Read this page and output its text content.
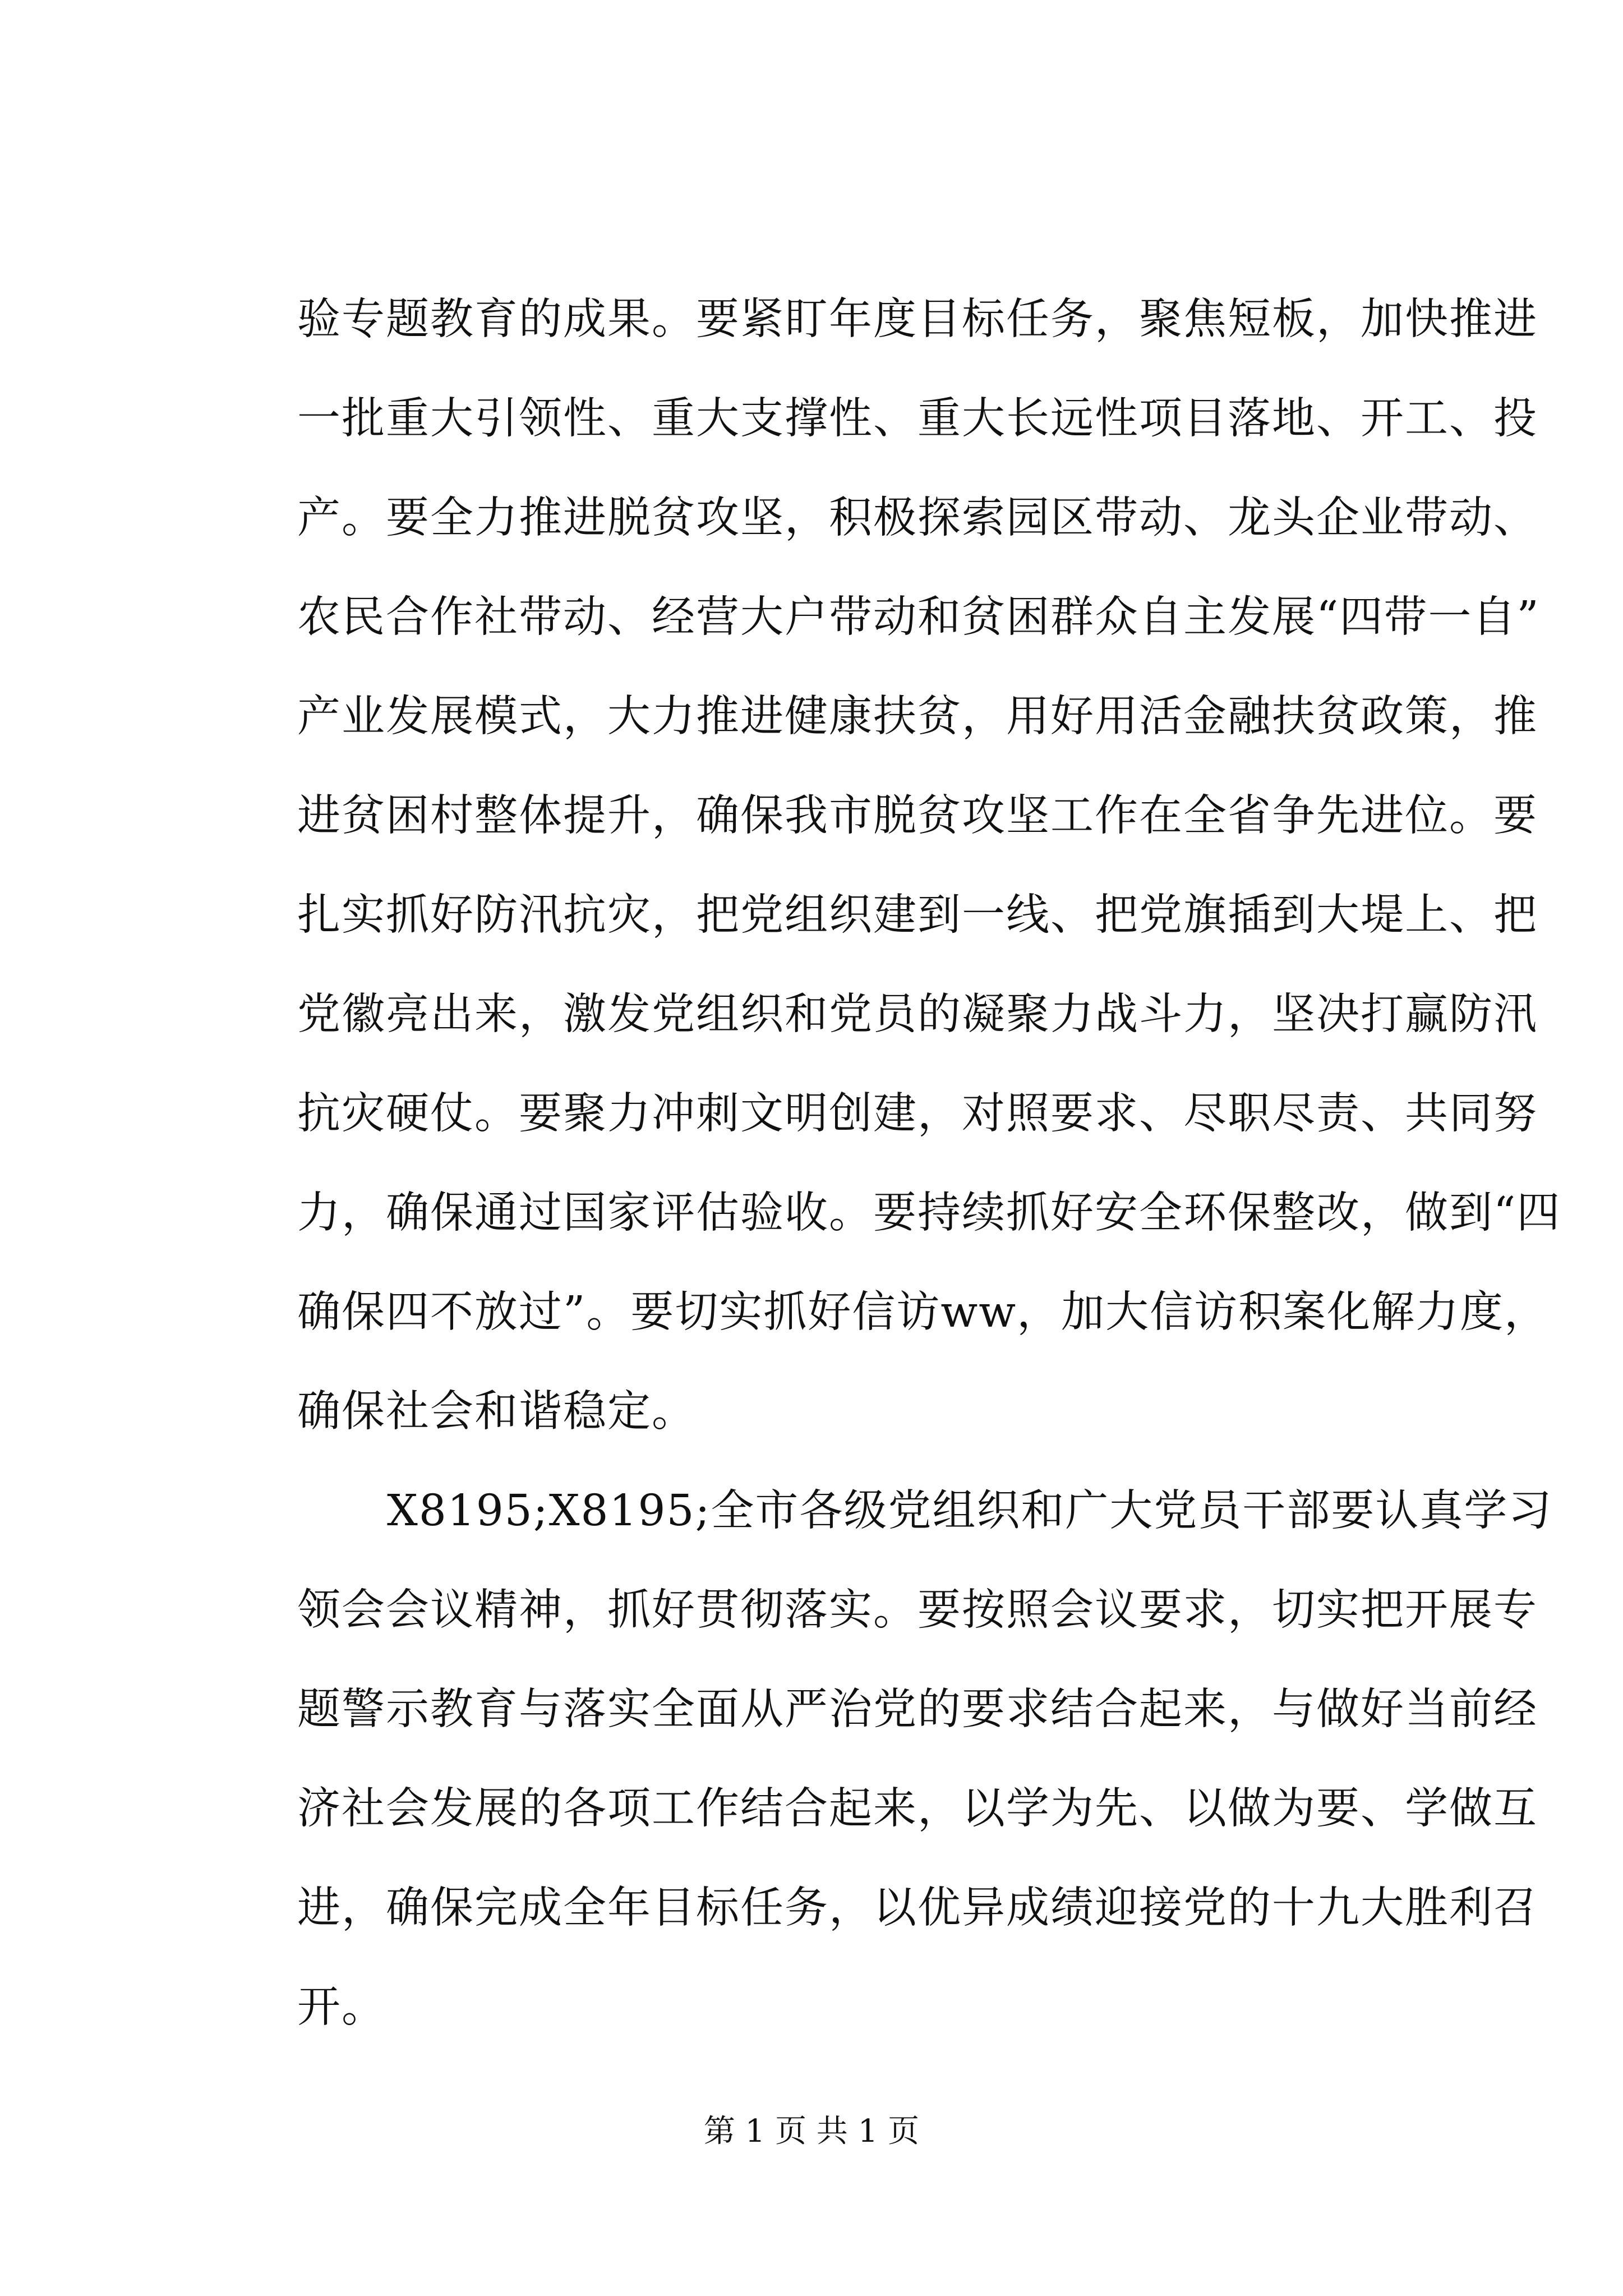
验专题教育的成果。要紧盯年度目标任务，聚焦短板，加快推进
一批重大引领性、重大支撑性、重大长远性项目落地、开工、投
产。要全力推进脱贫攻坚，积极探索园区带动、龙头企业带动、
农民合作社带动、经营大户带动和贫困群众自主发展“四带一自”
产业发展模式，大力推进健康扶贫，用好用活金融扶贫政策，推
进贫困村整体提升，确保我市脱贫攻坚工作在全省争先进位。要
扎实抓好防汛抗灾，把党组织建到一线、把党旗插到大堤上、把
党徽亮出来，激发党组织和党员的凝聚力战斗力，坚决打赢防汛
抗灾硬仗。要聚力冲刺文明创建，对照要求、尽职尽责、共同努
力，确保通过国家评估验收。要持续抓好安全环保整改，做到“四
确保四不放过”。要切实抓好信访ww，加大信访积案化解力度，
确保社会和谐稳定。
X8195;X8195;全市各级党组织和广大党员干部要认真学习
领会会议精神，抓好贯彻落实。要按照会议要求，切实把开展专
题警示教育与落实全面从严治党的要求结合起来，与做好当前经
济社会发展的各项工作结合起来，以学为先、以做为要、学做互
进，确保完成全年目标任务，以优异成绩迎接党的十九大胜利召
开。
第 1 页 共 1 页
